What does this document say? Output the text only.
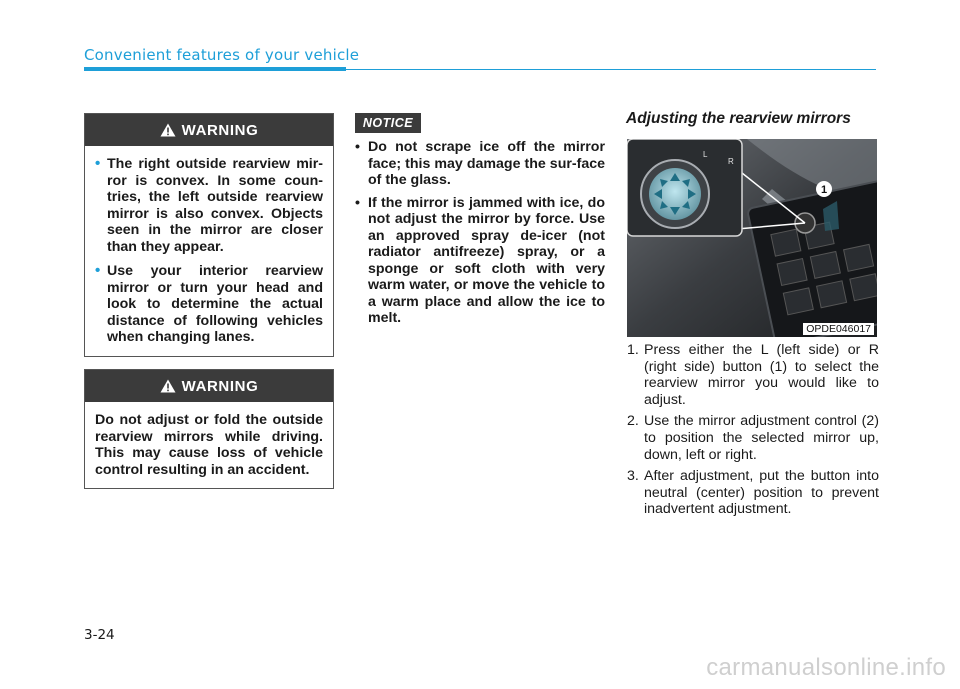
Convenient features of your vehicle
WARNING
• The right outside rearview mir-ror is convex. In some coun-tries, the left outside rearview mirror is also convex. Objects seen in the mirror are closer than they appear.
• Use your interior rearview mirror or turn your head and look to determine the actual distance of following vehicles when changing lanes.
WARNING
Do not adjust or fold the outside rearview mirrors while driving. This may cause loss of vehicle control resulting in an accident.
NOTICE
• Do not scrape ice off the mirror face; this may damage the sur-face of the glass.
• If the mirror is jammed with ice, do not adjust the mirror by force. Use an approved spray de-icer (not radiator antifreeze) spray, or a sponge or soft cloth with very warm water, or move the vehicle to a warm place and allow the ice to melt.
Adjusting the rearview mirrors
L
R
1
OPDE046017
1. Press either the L (left side) or R (right side) button (1) to select the rearview mirror you would like to adjust.
2. Use the mirror adjustment control (2) to position the selected mirror up, down, left or right.
3. After adjustment, put the button into neutral (center) position to prevent inadvertent adjustment.
3-24
carmanualsonline.info
